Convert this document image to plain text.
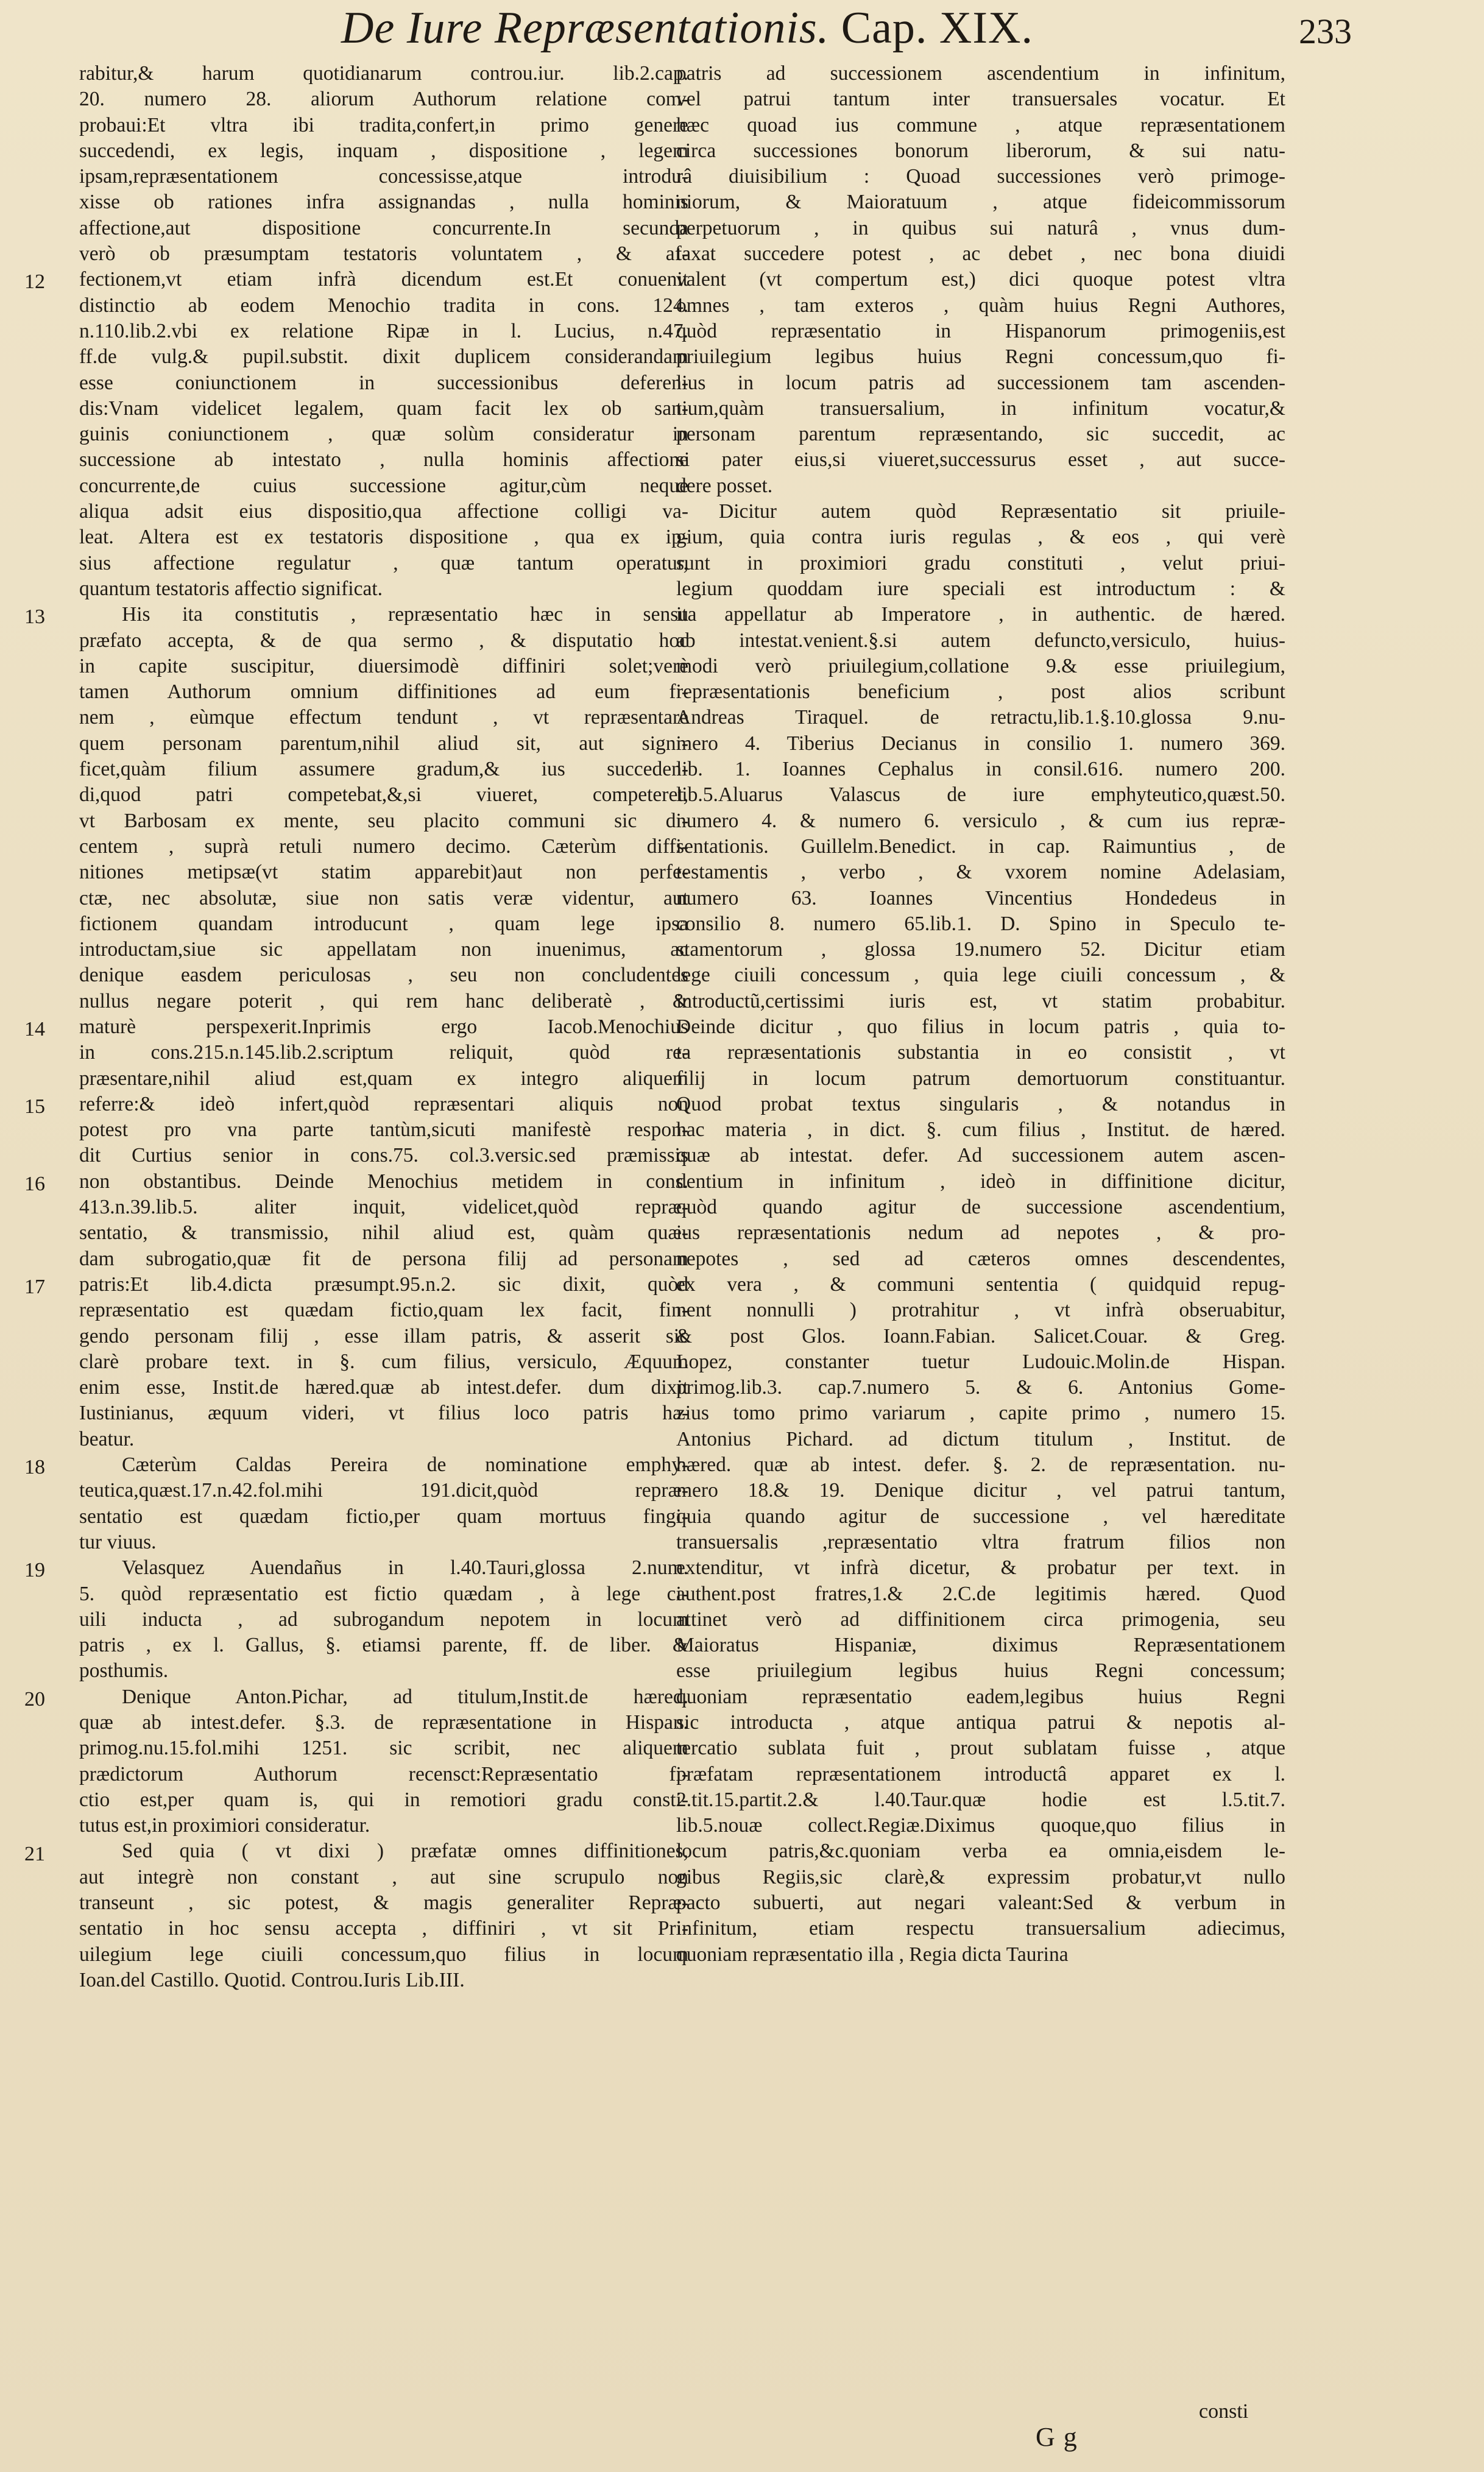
De Iure Repræsentationis. Cap. XIX.	233
12
13
14
15
16
17
18
19
20
21

rabitur,& harum quotidianarum controu.iur. lib.2.cap.

20. numero 28. aliorum Authorum relatione com-

probaui:Et vltra ibi tradita,confert,in primo genere

succedendi, ex legis, inquam , dispositione , legem

ipsam,repræsentationem concessisse,atque introdu-

xisse ob rationes infra assignandas , nulla hominis

affectione,aut dispositione concurrente.In secunda

verò ob præsumptam testatoris voluntatem , & af-

fectionem,vt etiam infrà dicendum est.Et conuenit

distinctio ab eodem Menochio tradita in cons. 124.

n.110.lib.2.vbi ex relatione Ripæ in l. Lucius, n.47.

ff.de vulg.& pupil.substit. dixit duplicem considerandam

esse coniunctionem in successionibus deferen-

dis:Vnam videlicet legalem, quam facit lex ob san-

guinis coniunctionem , quæ solùm consideratur in

successione ab intestato , nulla hominis affectione

concurrente,de cuius successione agitur,cùm neque

aliqua adsit eius dispositio,qua affectione colligi va-

leat. Altera est ex testatoris dispositione , qua ex ip-

sius affectione regulatur , quæ tantum operatur,

quantum testatoris affectio significat.

His ita constitutis , repræsentatio hæc in sensu

præfato accepta, & de qua sermo , & disputatio hoc

in capite suscipitur, diuersimodè diffiniri solet;verè

tamen Authorum omnium diffinitiones ad eum fi-

nem , eùmque effectum tendunt , vt repræsentare

quem personam parentum,nihil aliud sit, aut signi-

ficet,quàm filium assumere gradum,& ius succeden-

di,quod patri competebat,&,si viueret, competeret,

vt Barbosam ex mente, seu placito communi sic di-

centem , suprà retuli numero decimo. Cæterùm diffi-

nitiones metipsæ(vt statim apparebit)aut non perfe-

ctæ, nec absolutæ, siue non satis veræ videntur, aut

fictionem quandam introducunt , quam lege ipsa

introductam,siue sic appellatam non inuenimus, ac

denique easdem periculosas , seu non concludentes

nullus negare poterit , qui rem hanc deliberatè , &

maturè perspexerit.Inprimis ergo Iacob.Menochius

in cons.215.n.145.lib.2.scriptum reliquit, quòd re-

præsentare,nihil aliud est,quam ex integro aliquem

referre:& ideò infert,quòd repræsentari aliquis non

potest pro vna parte tantùm,sicuti manifestè respon-

dit Curtius senior in cons.75. col.3.versic.sed præmissis

non obstantibus. Deinde Menochius metidem in cons.

413.n.39.lib.5. aliter inquit, videlicet,quòd repræ-

sentatio, & transmissio, nihil aliud est, quàm quæ-

dam subrogatio,quæ fit de persona filij ad personam

patris:Et lib.4.dicta præsumpt.95.n.2. sic dixit, quòd

repræsentatio est quædam fictio,quam lex facit, fin-

gendo personam filij , esse illam patris, & asserit sic

clarè probare text. in §. cum filius, versiculo, Æquum

enim esse, Instit.de hæred.quæ ab intest.defer. dum dixit

Iustinianus, æquum videri, vt filius loco patris ha-

beatur.

Cæterùm Caldas Pereira de nominatione emphy-

teutica,quæst.17.n.42.fol.mihi 191.dicit,quòd repræ-

sentatio est quædam fictio,per quam mortuus fingi-

tur viuus.

Velasquez Auendañus in l.40.Tauri,glossa 2.num.

5. quòd repræsentatio est fictio quædam , à lege ci-

uili inducta , ad subrogandum nepotem in locum

patris , ex l. Gallus, §. etiamsi parente, ff. de liber. &

posthumis.

Denique Anton.Pichar, ad titulum,Instit.de hæred.

quæ ab intest.defer. §.3. de repræsentatione in Hispan.

primog.nu.15.fol.mihi 1251. sic scribit, nec aliquem

prædictorum Authorum recensct:Repræsentatio fi-

ctio est,per quam is, qui in remotiori gradu consti-

tutus est,in proximiori consideratur.

Sed quia ( vt dixi ) præfatæ omnes diffinitiones,

aut integrè non constant , aut sine scrupulo non

transeunt , sic potest, & magis generaliter Repræ-

sentatio in hoc sensu accepta , diffiniri , vt sit Pri-

uilegium lege ciuili concessum,quo filius in locum

Ioan.del Castillo. Quotid. Controu.Iuris Lib.III.

patris ad successionem ascendentium in infinitum,

vel patrui tantum inter transuersales vocatur. Et

hæc quoad ius commune , atque repræsentationem

circa successiones bonorum liberorum, & sui natu-

râ diuisibilium : Quoad successiones verò primoge-

niorum, & Maioratuum , atque fideicommissorum

perpetuorum , in quibus sui naturâ , vnus dum-

taxat succedere potest , ac debet , nec bona diuidi

valent (vt compertum est,) dici quoque potest vltra

omnes , tam exteros , quàm huius Regni Authores,

quòd repræsentatio in Hispanorum primogeniis,est

priuilegium legibus huius Regni concessum,quo fi-

lius in locum patris ad successionem tam ascenden-

tium,quàm transuersalium, in infinitum vocatur,&

personam parentum repræsentando, sic succedit, ac

si pater eius,si viueret,successurus esset , aut succe-

dere posset.

Dicitur autem quòd Repræsentatio sit priuile-

gium, quia contra iuris regulas , & eos , qui verè

sunt in proximiori gradu constituti , velut priui-

legium quoddam iure speciali est introductum : &

ita appellatur ab Imperatore , in authentic. de hæred.

ab intestat.venient.§.si autem defuncto,versiculo, huius-

modi verò priuilegium,collatione 9.& esse priuilegium,

repræsentationis beneficium , post alios scribunt

Andreas Tiraquel. de retractu,lib.1.§.10.glossa 9.nu-

mero 4. Tiberius Decianus in consilio 1. numero 369.

lib. 1. Ioannes Cephalus in consil.616. numero 200.

lib.5.Aluarus Valascus de iure emphyteutico,quæst.50.

numero 4. & numero 6. versiculo , & cum ius repræ-

sentationis. Guillelm.Benedict. in cap. Raimuntius , de

testamentis , verbo , & vxorem nomine Adelasiam,

numero 63. Ioannes Vincentius Hondedeus in

consilio 8. numero 65.lib.1. D. Spino in Speculo te-

stamentorum , glossa 19.numero 52. Dicitur etiam

lege ciuili concessum , quia lege ciuili concessum , &

introductũ,certissimi iuris est, vt statim probabitur.

Deinde dicitur , quo filius in locum patris , quia to-

ta repræsentationis substantia in eo consistit , vt

filij in locum patrum demortuorum constituantur.

Quod probat textus singularis , & notandus in

hac materia , in dict. §. cum filius , Institut. de hæred.

quæ ab intestat. defer. Ad successionem autem ascen-

dentium in infinitum , ideò in diffinitione dicitur,

quòd quando agitur de successione ascendentium,

ius repræsentationis nedum ad nepotes , & pro-

nepotes , sed ad cæteros omnes descendentes,

ex vera , & communi sententia ( quidquid repug-

nent nonnulli ) protrahitur , vt infrà obseruabitur,

& post Glos. Ioann.Fabian. Salicet.Couar. & Greg.

Lopez, constanter tuetur Ludouic.Molin.de Hispan.

primog.lib.3. cap.7.numero 5. & 6. Antonius Gome-

zius tomo primo variarum , capite primo , numero 15.

Antonius Pichard. ad dictum titulum , Institut. de

hæred. quæ ab intest. defer. §. 2. de repræsentation. nu-

mero 18.& 19. Denique dicitur , vel patrui tantum,

quia quando agitur de successione , vel hæreditate

transuersalis ,repræsentatio vltra fratrum filios non

extenditur, vt infrà dicetur, & probatur per text. in

authent.post fratres,1.& 2.C.de legitimis hæred. Quod

attinet verò ad diffinitionem circa primogenia, seu

Maioratus Hispaniæ, diximus Repræsentationem

esse priuilegium legibus huius Regni concessum;

quoniam repræsentatio eadem,legibus huius Regni

sic introducta , atque antiqua patrui & nepotis al-

tercatio sublata fuit , prout sublatam fuisse , atque

præfatam repræsentationem introductâ apparet ex l.

2.tit.15.partit.2.& l.40.Taur.quæ hodie est l.5.tit.7.

lib.5.nouæ collect.Regiæ.Diximus quoque,quo filius in

locum patris,&c.quoniam verba ea omnia,eisdem le-

gibus Regiis,sic clarè,& expressim probatur,vt nullo

pacto subuerti, aut negari valeant:Sed & verbum in

infinitum, etiam respectu transuersalium adiecimus,

quoniam repræsentatio illa , Regia dicta Taurina

Gg
consti
